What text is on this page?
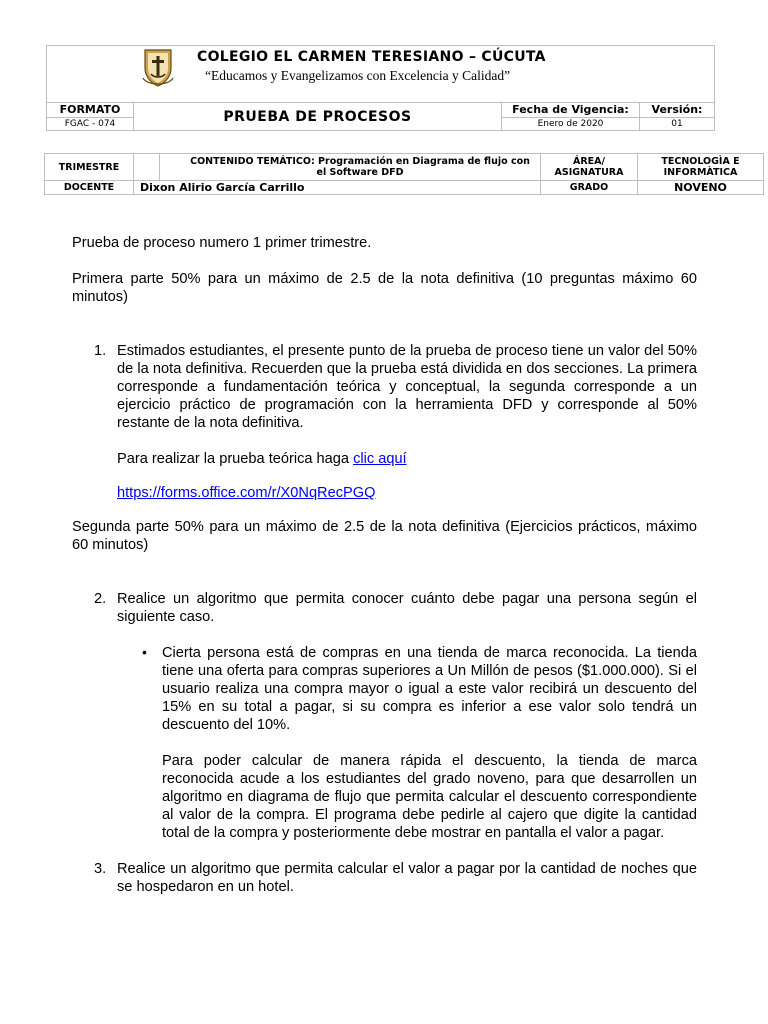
COLEGIO EL CARMEN TERESIANO – CÚCUTA
“Educamos y Evangelizamos con Excelencia y Calidad”			

FORMATO	PRUEBA DE PROCESOS	Fecha de Vigencia:	Versión:
FGAC - 074		Enero de 2020	01
TRIMESTRE		CONTENIDO TEMÁTICO: Programación en Diagrama de flujo con el Software DFD	ÁREA/ ASIGNATURA	TECNOLOGÌA E INFORMÀTICA
DOCENTE	Dixon Alirio García Carrillo		GRADO	NOVENO

Prueba de proceso numero 1 primer trimestre.

Primera parte 50% para un máximo de 2.5 de la nota definitiva (10 preguntas máximo 60 minutos)

1. Estimados estudiantes, el presente punto de la prueba de proceso tiene un valor del 50% de la nota definitiva. Recuerden que la prueba está dividida en dos secciones. La primera corresponde a fundamentación teórica y conceptual, la segunda corresponde a un ejercicio práctico de programación con la herramienta DFD y corresponde al 50% restante de la nota definitiva.

Para realizar la prueba teórica haga clic aquí

https://forms.office.com/r/X0NqRecPGQ

Segunda parte 50% para un máximo de 2.5 de la nota definitiva (Ejercicios prácticos, máximo 60 minutos)

2. Realice un algoritmo que permita conocer cuánto debe pagar una persona según el siguiente caso.

• Cierta persona está de compras en una tienda de marca reconocida. La tienda tiene una oferta para compras superiores a Un Millón de pesos ($1.000.000). Si el usuario realiza una compra mayor o igual a este valor recibirá un descuento del 15% en su total a pagar, si su compra es inferior a ese valor solo tendrá un descuento del 10%.

Para poder calcular de manera rápida el descuento, la tienda de marca reconocida acude a los estudiantes del grado noveno, para que desarrollen un algoritmo en diagrama de flujo que permita calcular el descuento correspondiente al valor de la compra. El programa debe pedirle al cajero que digite la cantidad total de la compra y posteriormente debe mostrar en pantalla el valor a pagar.

3. Realice un algoritmo que permita calcular el valor a pagar por la cantidad de noches que se hospedaron en un hotel.
